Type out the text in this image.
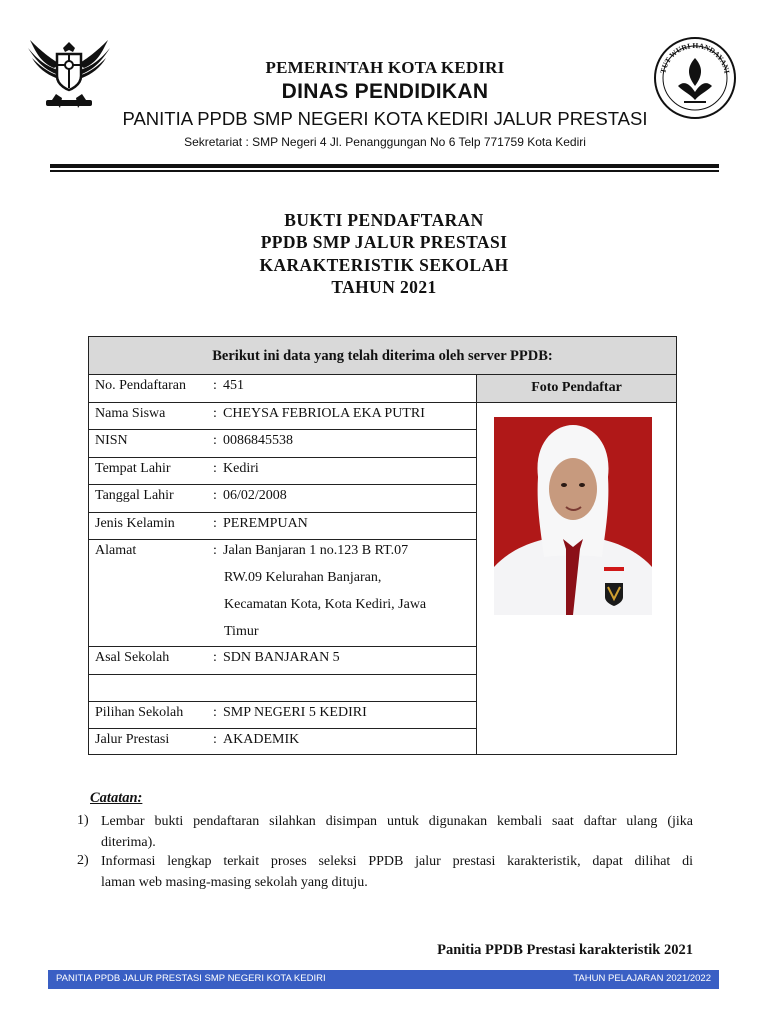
TUT WURI HANDAYANI
PEMERINTAH KOTA KEDIRI
DINAS PENDIDIKAN
PANITIA PPDB SMP NEGERI KOTA KEDIRI JALUR PRESTASI
Sekretariat : SMP Negeri 4 Jl. Penanggungan No 6 Telp 771759 Kota Kediri
BUKTI PENDAFTARAN
PPDB SMP JALUR PRESTASI
KARAKTERISTIK SEKOLAH
TAHUN 2021
Berikut ini data yang telah diterima oleh server PPDB:
No. Pendaftaran : 451
Nama Siswa	: CHEYSA FEBRIOLA EKA PUTRI
NISN	: 0086845538
Tempat Lahir	: Kediri
Tanggal Lahir	: 06/02/2008
Jenis Kelamin	: PEREMPUAN
Alamat	: Jalan Banjaran 1 no.123 B RT.07
RW.09 Kelurahan Banjaran,
Kecamatan Kota, Kota Kediri, Jawa
Timur
Asal Sekolah	: SDN BANJARAN 5
Pilihan Sekolah : SMP NEGERI 5 KEDIRI
Jalur Prestasi	: AKADEMIK
Foto Pendaftar
Catatan:
1) Lembar bukti pendaftaran silahkan disimpan untuk digunakan kembali saat daftar ulang (jika
diterima).
2) Informasi lengkap terkait proses seleksi PPDB jalur prestasi karakteristik, dapat dilihat di
laman web masing-masing sekolah yang dituju.
Panitia PPDB Prestasi karakteristik 2021
PANITIA PPDB JALUR PRESTASI SMP NEGERI KOTA KEDIRI	TAHUN PELAJARAN 2021/2022
